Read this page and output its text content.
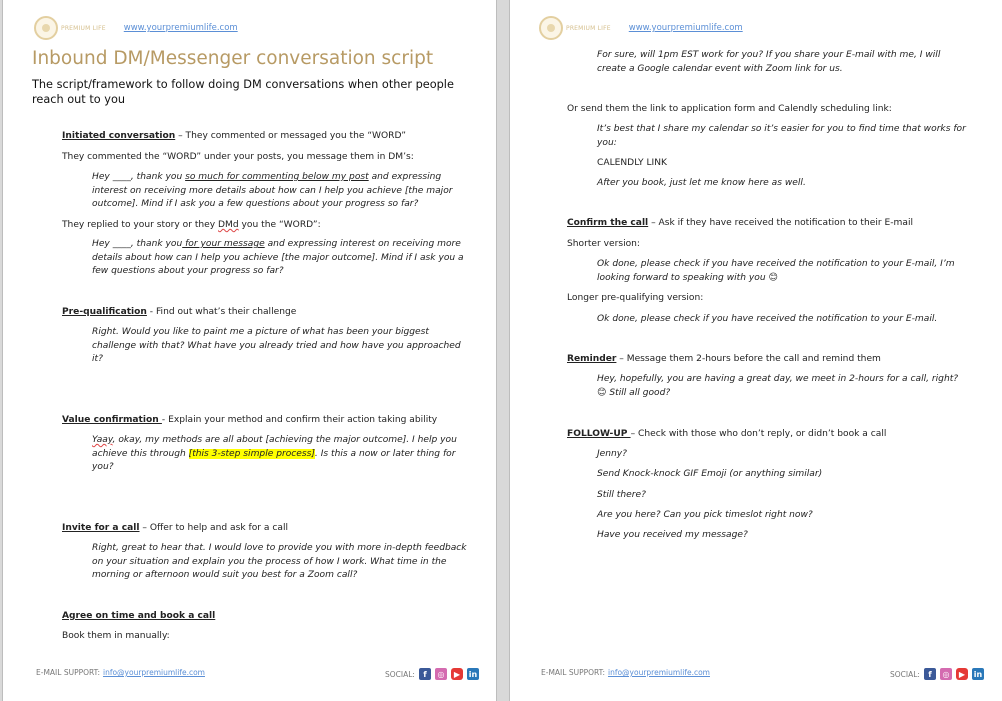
PREMIUM LIFE www.yourpremiumlife.com
Inbound DM/Messenger conversation script

The script/framework to follow doing DM conversations when other people reach out to you

Initiated conversation – They commented or messaged you the “WORD”
They commented the “WORD” under your posts, you message them in DM’s:
Hey ____, thank you so much for commenting below my post and expressing interest on receiving more details about how can I help you achieve [the major outcome]. Mind if I ask you a few questions about your progress so far?
They replied to your story or they DMd you the “WORD”:
Hey ____, thank you for your message and expressing interest on receiving more details about how can I help you achieve [the major outcome]. Mind if I ask you a few questions about your progress so far?
Pre-qualification - Find out what’s their challenge
Right. Would you like to paint me a picture of what has been your biggest challenge with that? What have you already tried and how have you approached it?
Value confirmation - Explain your method and confirm their action taking ability
Yaay, okay, my methods are all about [achieving the major outcome]. I help you achieve this through [this 3-step simple process]. Is this a now or later thing for you?
Invite for a call – Offer to help and ask for a call
Right, great to hear that. I would love to provide you with more in-depth feedback on your situation and explain you the process of how I work. What time in the morning or afternoon would suit you best for a Zoom call?
Agree on time and book a call
Book them in manually:
E-MAIL SUPPORT: info@yourpremiumlife.com	SOCIAL:	f	◎	▶	in
PREMIUM LIFE www.yourpremiumlife.com
For sure, will 1pm EST work for you? If you share your E-mail with me, I will create a Google calendar event with Zoom link for us.
Or send them the link to application form and Calendly scheduling link:
It’s best that I share my calendar so it’s easier for you to find time that works for you:
CALENDLY LINK
After you book, just let me know here as well.
Confirm the call – Ask if they have received the notification to their E-mail
Shorter version:
Ok done, please check if you have received the notification to your E-mail, I’m looking forward to speaking with you 😊
Longer pre-qualifying version:
Ok done, please check if you have received the notification to your E-mail.
Reminder – Message them 2-hours before the call and remind them
Hey, hopefully, you are having a great day, we meet in 2-hours for a call, right? 😊 Still all good?
FOLLOW-UP – Check with those who don’t reply, or didn’t book a call
Jenny?
Send Knock-knock GIF Emoji (or anything similar)
Still there?
Are you here? Can you pick timeslot right now?
Have you received my message?
E-MAIL SUPPORT: info@yourpremiumlife.com	SOCIAL:	f	◎	▶	in
